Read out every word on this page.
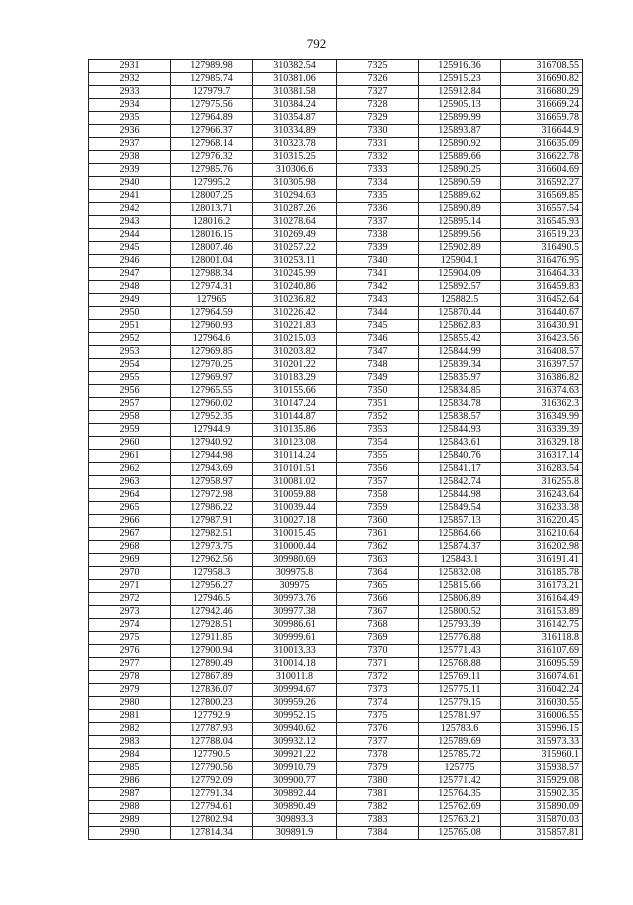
792
2931	127989.98	310382.54	7325	125916.36	316708.55
2932	127985.74	310381.06	7326	125915.23	316690.82
2933	127979.7	310381.58	7327	125912.84	316680.29
2934	127975.56	310384.24	7328	125905.13	316669.24
2935	127964.89	310354.87	7329	125899.99	316659.78
2936	127966.37	310334.89	7330	125893.87	316644.9
2937	127968.14	310323.78	7331	125890.92	316635.09
2938	127976.32	310315.25	7332	125889.66	316622.78
2939	127985.76	310306.6	7333	125890.25	316604.69
2940	127995.2	310305.98	7334	125890.59	316592.27
2941	128007.25	310294.63	7335	125889.62	316569.85
2942	128013.71	310287.26	7336	125890.89	316557.54
2943	128016.2	310278.64	7337	125895.14	316545.93
2944	128016.15	310269.49	7338	125899.56	316519.23
2945	128007.46	310257.22	7339	125902.89	316490.5
2946	128001.04	310253.11	7340	125904.1	316476.95
2947	127988.34	310245.99	7341	125904.09	316464.33
2948	127974.31	310240.86	7342	125892.57	316459.83
2949	127965	310236.82	7343	125882.5	316452.64
2950	127964.59	310226.42	7344	125870.44	316440.67
2951	127960.93	310221.83	7345	125862.83	316430.91
2952	127964.6	310215.03	7346	125855.42	316423.56
2953	127969.85	310203.82	7347	125844.99	316408.57
2954	127970.25	310201.22	7348	125839.34	316397.57
2955	127969.97	310183.29	7349	125835.97	316386.82
2956	127965.55	310155.66	7350	125834.85	316374.63
2957	127960.02	310147.24	7351	125834.78	316362.3
2958	127952.35	310144.87	7352	125838.57	316349.99
2959	127944.9	310135.86	7353	125844.93	316339.39
2960	127940.92	310123.08	7354	125843.61	316329.18
2961	127944.98	310114.24	7355	125840.76	316317.14
2962	127943.69	310101.51	7356	125841.17	316283.54
2963	127958.97	310081.02	7357	125842.74	316255.8
2964	127972.98	310059.88	7358	125844.98	316243.64
2965	127986.22	310039.44	7359	125849.54	316233.38
2966	127987.91	310027.18	7360	125857.13	316220.45
2967	127982.51	310015.45	7361	125864.66	316210.64
2968	127973.75	310000.44	7362	125874.37	316202.98
2969	127962.56	309980.69	7363	125843.1	316191.41
2970	127958.3	309975.8	7364	125832.08	316185.78
2971	127956.27	309975	7365	125815.66	316173.21
2972	127946.5	309973.76	7366	125806.89	316164.49
2973	127942.46	309977.38	7367	125800.52	316153.89
2974	127928.51	309986.61	7368	125793.39	316142.75
2975	127911.85	309999.61	7369	125776.88	316118.8
2976	127900.94	310013.33	7370	125771.43	316107.69
2977	127890.49	310014.18	7371	125768.88	316095.59
2978	127867.89	310011.8	7372	125769.11	316074.61
2979	127836.07	309994.67	7373	125775.11	316042.24
2980	127800.23	309959.26	7374	125779.15	316030.55
2981	127792.9	309952.15	7375	125781.97	316006.55
2982	127787.93	309940.62	7376	125783.6	315996.15
2983	127788.04	309932.12	7377	125789.69	315973.33
2984	127790.5	309921.22	7378	125785.72	315960.1
2985	127790.56	309910.79	7379	125775	315938.57
2986	127792.09	309900.77	7380	125771.42	315929.08
2987	127791.34	309892.44	7381	125764.35	315902.35
2988	127794.61	309890.49	7382	125762.69	315890.09
2989	127802.94	309893.3	7383	125763.21	315870.03
2990	127814.34	309891.9	7384	125765.08	315857.81
